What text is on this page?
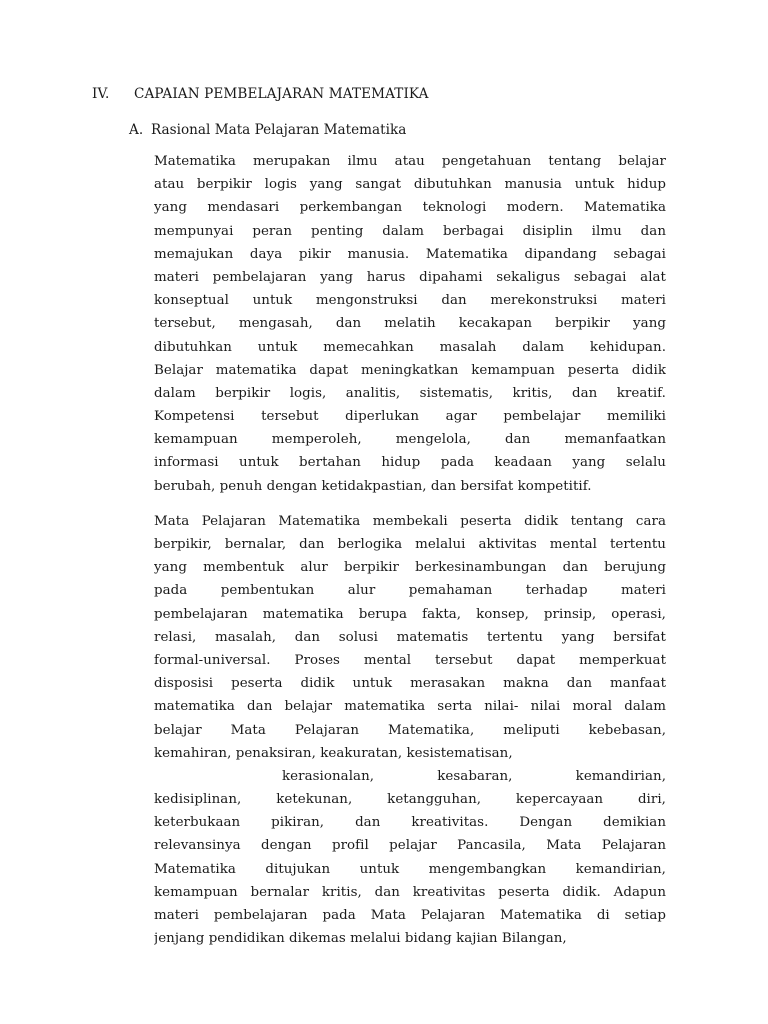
IV. CAPAIAN PEMBELAJARAN MATEMATIKA
A. Rasional Mata Pelajaran Matematika

Matematika merupakan ilmu atau pengetahuan tentang belajar
atau berpikir logis yang sangat dibutuhkan manusia untuk hidup
yang mendasari perkembangan teknologi modern. Matematika
mempunyai peran penting dalam berbagai disiplin ilmu dan
memajukan daya pikir manusia. Matematika dipandang sebagai
materi pembelajaran yang harus dipahami sekaligus sebagai alat
konseptual untuk mengonstruksi dan merekonstruksi materi
tersebut, mengasah, dan melatih kecakapan berpikir yang
dibutuhkan untuk memecahkan masalah dalam kehidupan.
Belajar matematika dapat meningkatkan kemampuan peserta didik
dalam berpikir logis, analitis, sistematis, kritis, dan kreatif.
Kompetensi tersebut diperlukan agar pembelajar memiliki
kemampuan memperoleh, mengelola, dan memanfaatkan
informasi untuk bertahan hidup pada keadaan yang selalu
berubah, penuh dengan ketidakpastian, dan bersifat kompetitif.

Mata Pelajaran Matematika membekali peserta didik tentang cara
berpikir, bernalar, dan berlogika melalui aktivitas mental tertentu
yang membentuk alur berpikir berkesinambungan dan berujung
pada pembentukan alur pemahaman terhadap materi
pembelajaran matematika berupa fakta, konsep, prinsip, operasi,
relasi, masalah, dan solusi matematis tertentu yang bersifat
formal-universal. Proses mental tersebut dapat memperkuat
disposisi peserta didik untuk merasakan makna dan manfaat
matematika dan belajar matematika serta nilai- nilai moral dalam
belajar Mata Pelajaran Matematika, meliputi kebebasan,
kemahiran, penaksiran, keakuratan, kesistematisan,
kerasionalan, kesabaran, kemandirian,
kedisiplinan, ketekunan, ketangguhan, kepercayaan diri,
keterbukaan pikiran, dan kreativitas. Dengan demikian
relevansinya dengan profil pelajar Pancasila, Mata Pelajaran
Matematika ditujukan untuk mengembangkan kemandirian,
kemampuan bernalar kritis, dan kreativitas peserta didik. Adapun
materi pembelajaran pada Mata Pelajaran Matematika di setiap
jenjang pendidikan dikemas melalui bidang kajian Bilangan,
